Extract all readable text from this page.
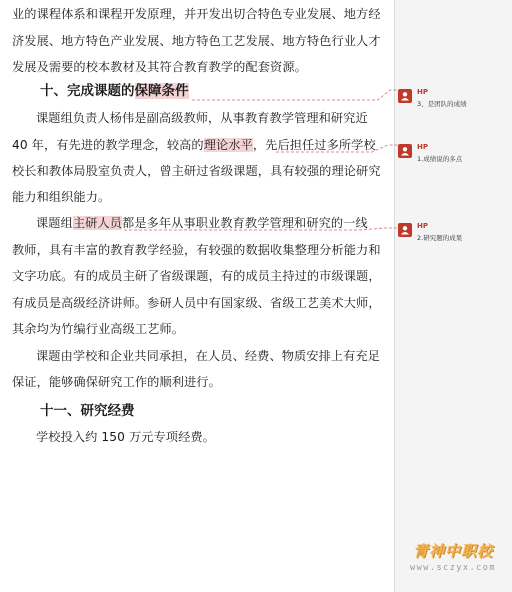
业的课程体系和课程开发原理，并开发出切合特色专业发展、地方经
济发展、地方特色产业发展、地方特色工艺发展、地方特色行业人才
发展及需要的校本教材及其符合教育教学的配套资源。
十、完成课题的保障条件
课题组负责人杨伟是副高级教师，从事教育教学管理和研究近
40 年，有先进的教学理念，较高的理论水平，先后担任过多所学校
校长和教体局股室负责人，曾主研过省级课题，具有较强的理论研究
能力和组织能力。
课题组主研人员都是多年从事职业教育教学管理和研究的一线
教师，具有丰富的教育教学经验，有较强的数据收集整理分析能力和
文字功底。有的成员主研了省级课题，有的成员主持过的市级课题，
有成员是高级经济讲师。参研人员中有国家级、省级工艺美术大师，
其余均为竹编行业高级工艺师。
课题由学校和企业共同承担，在人员、经费、物质安排上有充足
保证，能够确保研究工作的顺利进行。
十一、研究经费
学校投入约 150 万元专项经费。
HP
3、是团队的成绩
HP
1.成绩说的多点
HP
2.研究题的成果
青神中职校
www.sczyx.com
